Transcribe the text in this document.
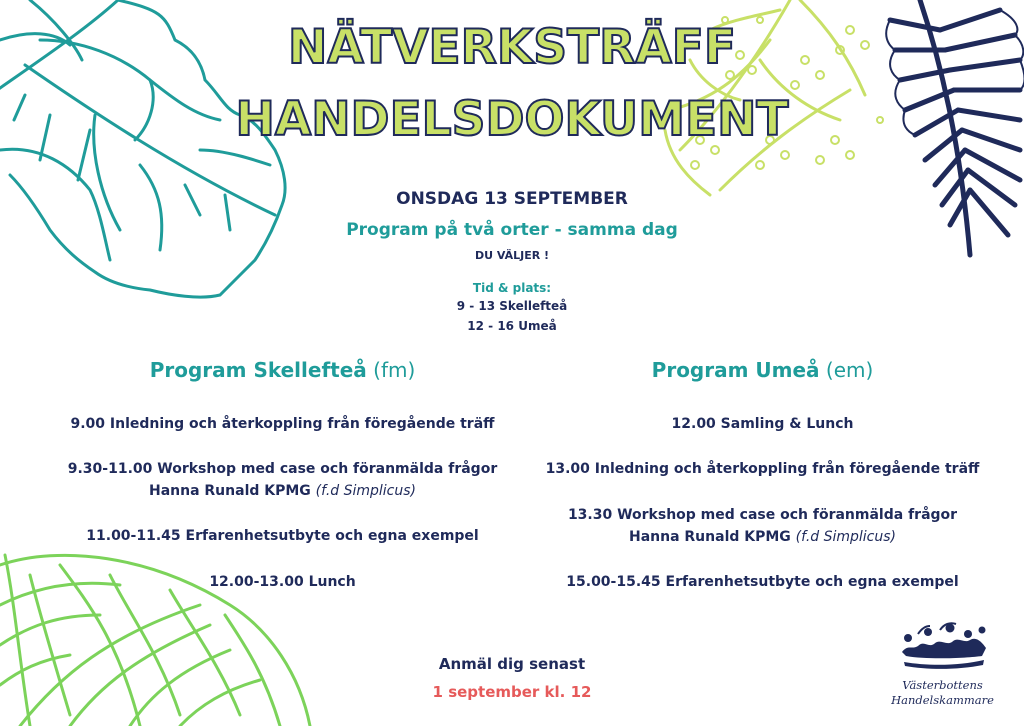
NÄTVERKSTRÄFF
HANDELSDOKUMENT
ONSDAG 13 SEPTEMBER
Program på två orter - samma dag
DU VÄLJER !
Tid & plats:
9 - 13 Skellefteå
12 - 16 Umeå
Program Skellefteå (fm)
9.00 Inledning och återkoppling från föregående träff
9.30-11.00 Workshop med case och föranmälda frågor
Hanna Runald KPMG (f.d Simplicus)
11.00-11.45 Erfarenhetsutbyte och egna exempel
12.00-13.00 Lunch
Program Umeå (em)
12.00 Samling & Lunch
13.00 Inledning och återkoppling från föregående träff
13.30 Workshop med case och föranmälda frågor
Hanna Runald KPMG (f.d Simplicus)
15.00-15.45 Erfarenhetsutbyte och egna exempel
Anmäl dig senast
1 september kl. 12	Västerbottens
Handelskammare
